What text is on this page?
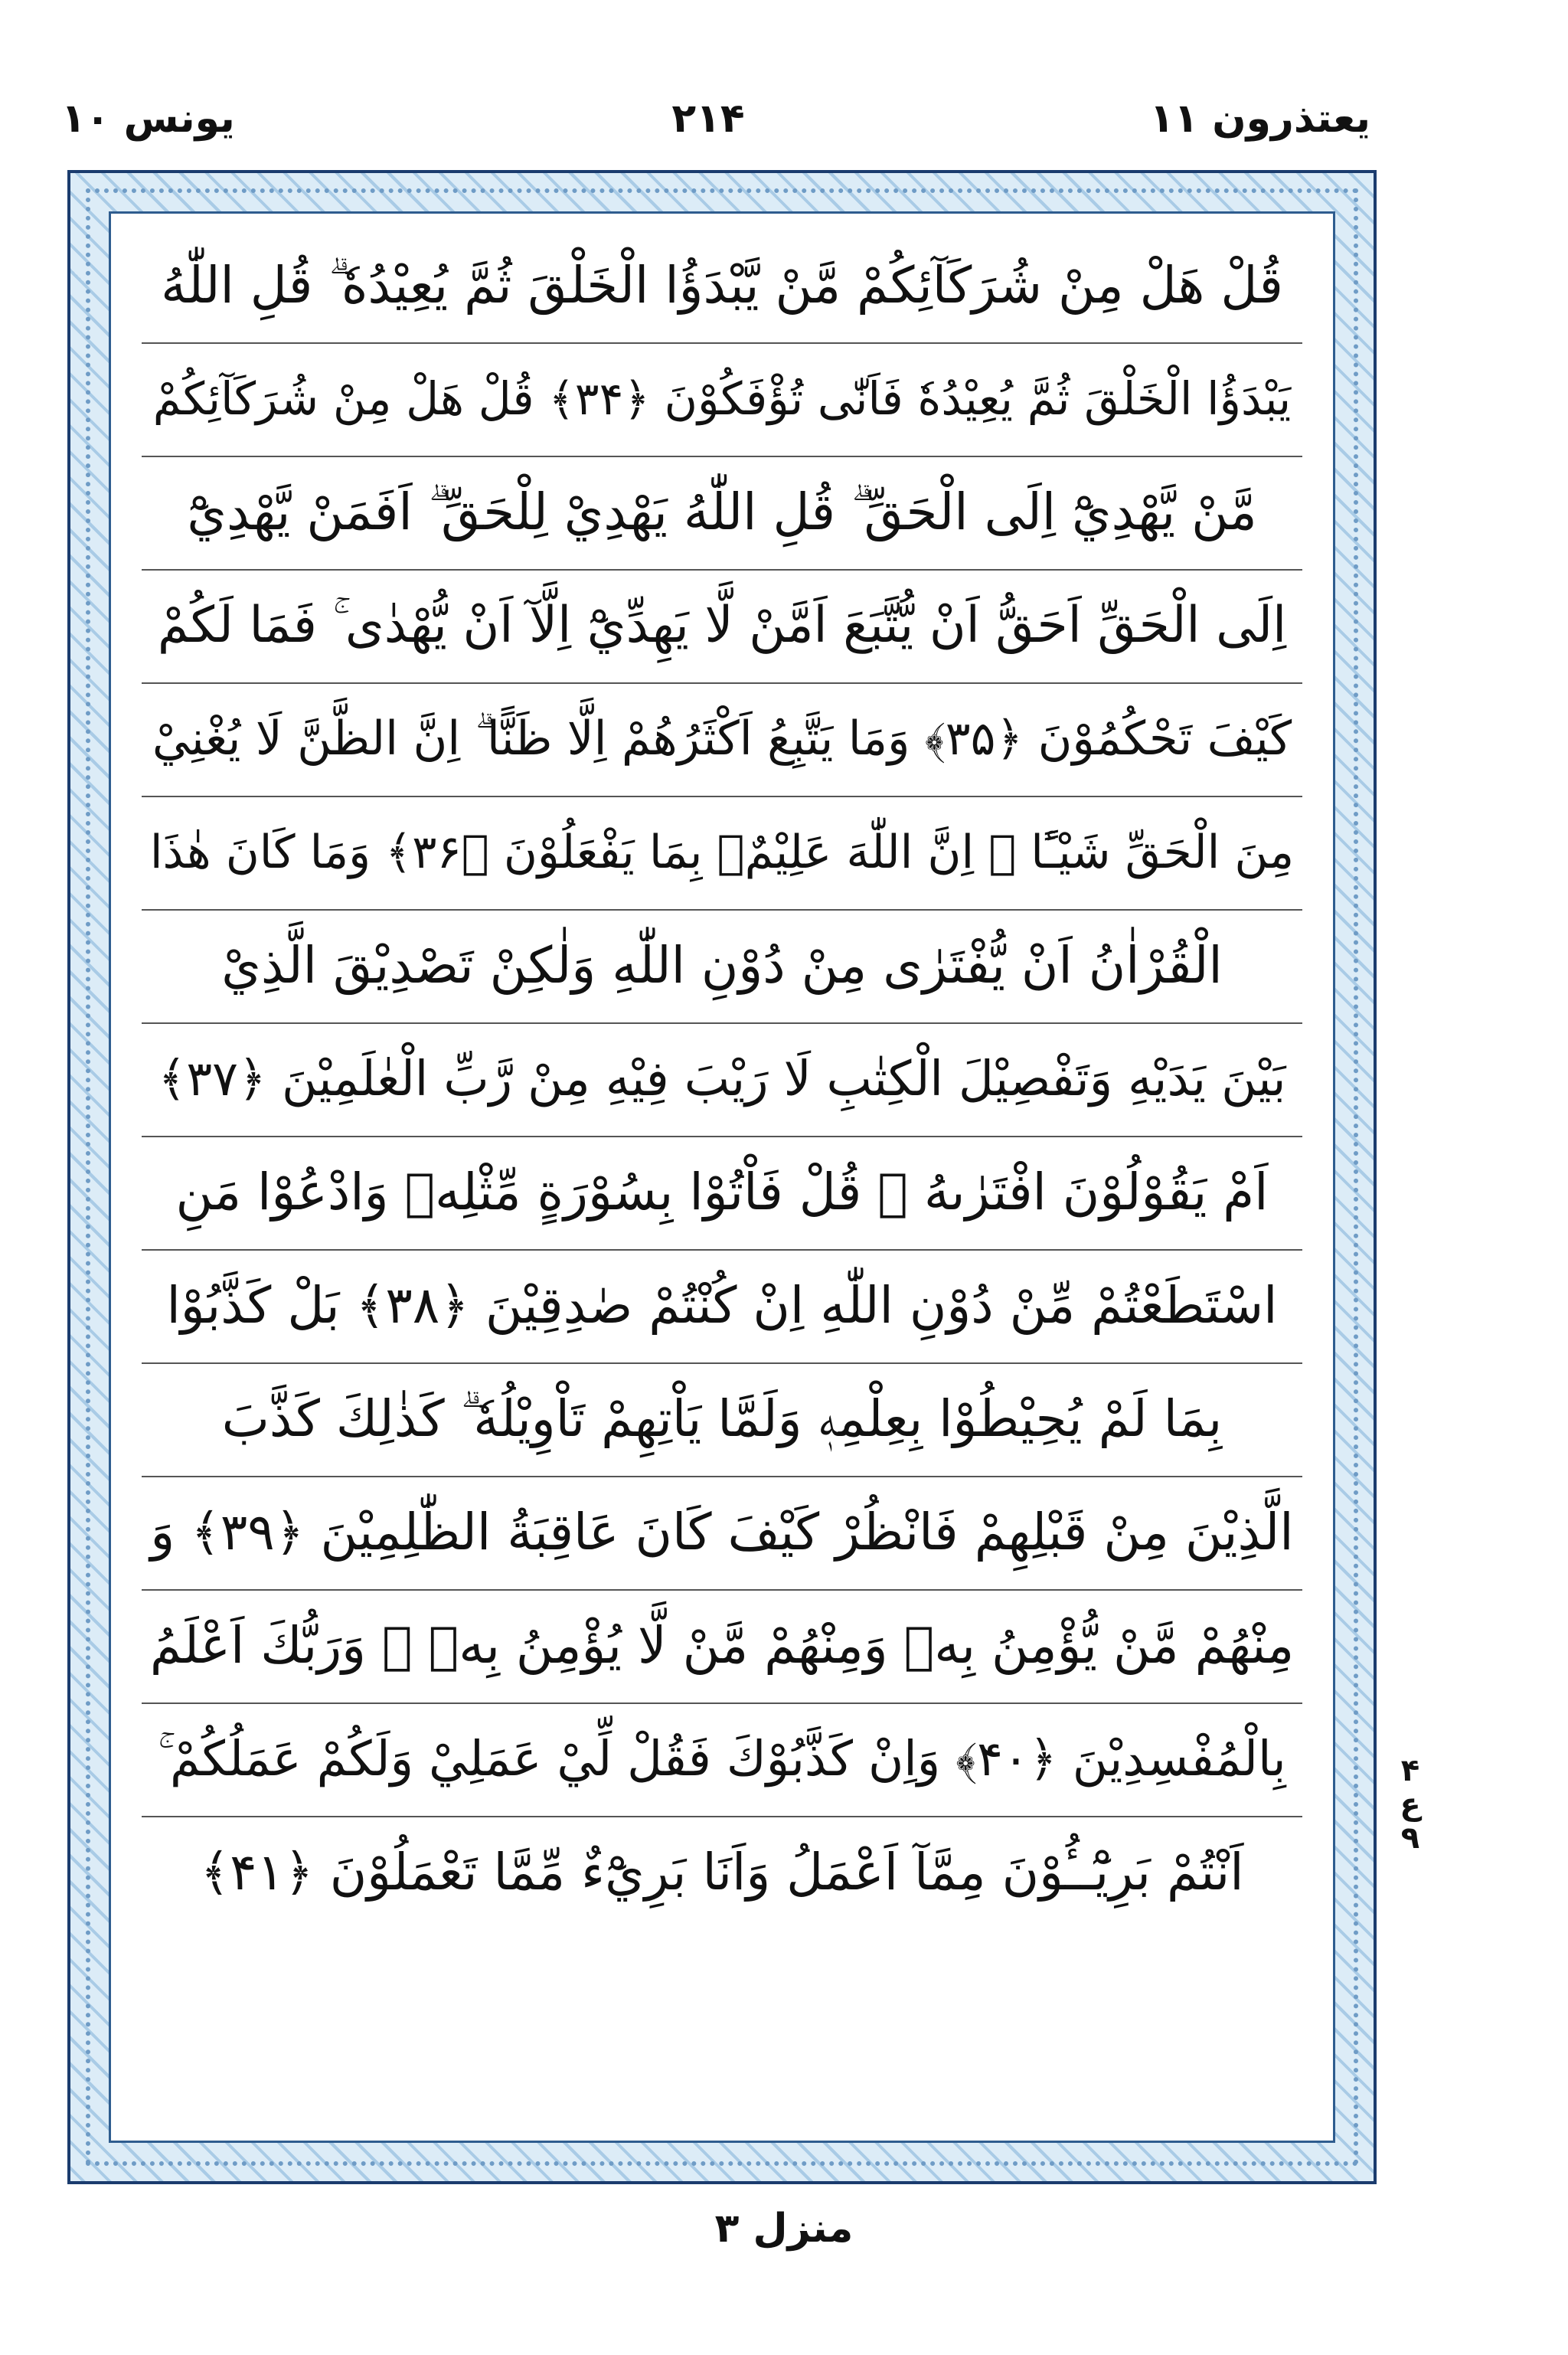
یعتذرون ۱۱
۲۱۴
یونس ۱۰
قُلْ هَلْ مِنْ شُرَكَآئِكُمْ مَّنْ يَّبْدَؤُا الْخَلْقَ ثُمَّ يُعِيْدُهٗ ۗ قُلِ اللّٰهُ
يَبْدَؤُا الْخَلْقَ ثُمَّ يُعِيْدُهٗ فَاَنّٰى تُؤْفَكُوْنَ ﴿۳۴﴾ قُلْ هَلْ مِنْ شُرَكَآئِكُمْ
مَّنْ يَّهْدِيْٓ اِلَى الْحَقِّ ۗ قُلِ اللّٰهُ يَهْدِيْ لِلْحَقِّ ۗ اَفَمَنْ يَّهْدِيْٓ
اِلَى الْحَقِّ اَحَقُّ اَنْ يُّتَّبَعَ اَمَّنْ لَّا يَهِدِّيْٓ اِلَّآ اَنْ يُّهْدٰى ۚ فَمَا لَكُمْ
كَيْفَ تَحْكُمُوْنَ ﴿۳۵﴾ وَمَا يَتَّبِعُ اَكْثَرُهُمْ اِلَّا ظَنًّا ۗ اِنَّ الظَّنَّ لَا يُغْنِيْ
مِنَ الْحَقِّ شَيْـًٔا ۗ اِنَّ اللّٰهَ عَلِيْمٌۢ بِمَا يَفْعَلُوْنَ ﴿۳۶﴾ وَمَا كَانَ هٰذَا
الْقُرْاٰنُ اَنْ يُّفْتَرٰى مِنْ دُوْنِ اللّٰهِ وَلٰكِنْ تَصْدِيْقَ الَّذِيْ
بَيْنَ يَدَيْهِ وَتَفْصِيْلَ الْكِتٰبِ لَا رَيْبَ فِيْهِ مِنْ رَّبِّ الْعٰلَمِيْنَ ﴿۳۷﴾
اَمْ يَقُوْلُوْنَ افْتَرٰىهُ ۗ قُلْ فَاْتُوْا بِسُوْرَةٍ مِّثْلِهٖ وَادْعُوْا مَنِ
اسْتَطَعْتُمْ مِّنْ دُوْنِ اللّٰهِ اِنْ كُنْتُمْ صٰدِقِيْنَ ﴿۳۸﴾ بَلْ كَذَّبُوْا
بِمَا لَمْ يُحِيْطُوْا بِعِلْمِهٖ وَلَمَّا يَاْتِهِمْ تَاْوِيْلُهٗ ۗ كَذٰلِكَ كَذَّبَ
الَّذِيْنَ مِنْ قَبْلِهِمْ فَانْظُرْ كَيْفَ كَانَ عَاقِبَةُ الظّٰلِمِيْنَ ﴿۳۹﴾ وَ
مِنْهُمْ مَّنْ يُّؤْمِنُ بِهٖ وَمِنْهُمْ مَّنْ لَّا يُؤْمِنُ بِهٖ ۗ وَرَبُّكَ اَعْلَمُ
بِالْمُفْسِدِيْنَ ﴿۴۰﴾ وَاِنْ كَذَّبُوْكَ فَقُلْ لِّيْ عَمَلِيْ وَلَكُمْ عَمَلُكُمْ ۚ
اَنْتُمْ بَرِيْٓــُٔوْنَ مِمَّآ اَعْمَلُ وَاَنَا بَرِيْٓءٌ مِّمَّا تَعْمَلُوْنَ ﴿۴۱﴾
۴
ع
۹
منزل ۳
